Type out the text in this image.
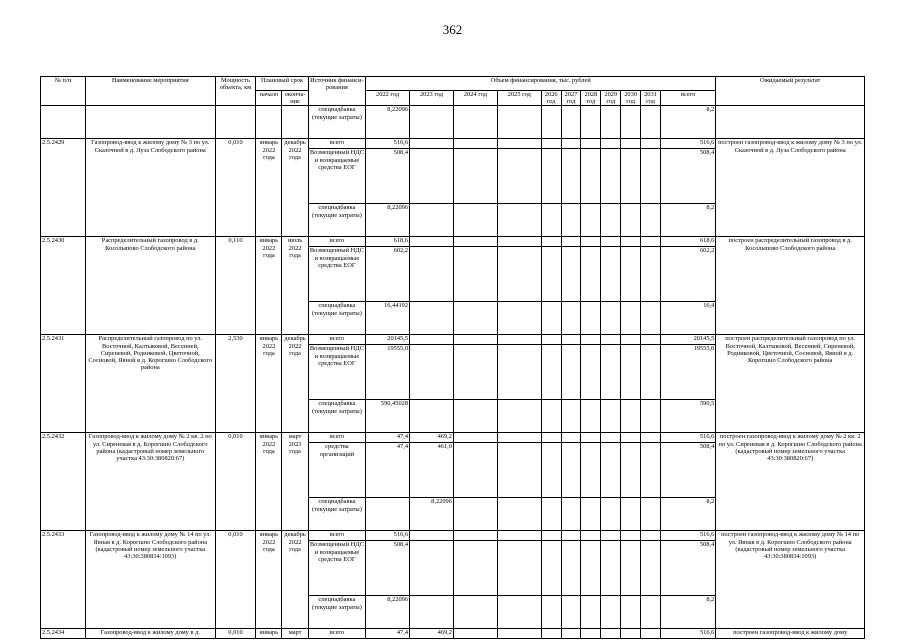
362
№ п/п	Наименование мероприятия	Мощность объекта, км	Плановый срок		Источник финанси-рования	Объем финансирования, тыс. рублей											Ожидаемый результат
			начало	оконча-ние		2022 год	2023 год	2024 год	2025 год	2026 год	2027 год	2028 год	2029 год	2030 год	2031 год	всего	

					спецнадбавка (текущие затраты)	8,22096										8,2	
2.5.2429	Газопровод-ввод к жилому дому № 3 по ул. Сказочной в д. Луза Слободского района	0,010	январь 2022 года	декабрь 2022 года	всего	516,6										516,6	построен газопровод-ввод к жилому дому № 3 по ул. Сказочной в д. Луза Слободского района
					Возмещенный НДС и возвращаемые средства ЕОГ	508,4										508,4	
					спецнадбавка (текущие затраты)	8,22096										8,2	
2.5.2430	Распределительный газопровод в д. Косолыпово Слободского района	0,110	январь 2022 года	июль 2022 года	всего	618,6										618,6	построен распределительный газопровод в д. Косолыпово Слободского района
					Возмещенный НДС и возвращаемые средства ЕОГ	602,2										602,2	
					спецнадбавка (текущие затраты)	16,44192										16,4	
2.5.2431	Распределительный газопровод по ул. Восточной, Калтыковой, Весенней, Сиреневой, Родниковой, Цветочной, Сосновой, Явной в д. Корогшно Слободского района	2,530	январь 2022 года	декабрь 2022 года	всего	20145,5										20145,5	построен распределительный газопровод по ул. Восточной, Калтыковой, Весенней, Сиреневой, Родниковой, Цветочной, Сосновой, Явной в д. Корогшно Слободского района
					Возмещенный НДС и возвращаемые средства ЕОГ	19555,0										19555,0	
					спецнадбавка (текущие затраты)	590,45028										590,5	
2.5.2432	Газопровод-ввод к жилому дому № 2 кв. 2 по ул. Сиреневая в д. Корогшно Слободского района (кадастровый номер земельного участка 43:30:380820:67)	0,010	январь 2022 года	март 2023 года	всего	47,4	469,2									516,6	построен газопровод-ввод к жилому дому № 2 кв. 2 по ул. Сиреневая в д. Корогшно Слободского района (кадастровый номер земельного участка 43:30:380820:67)
					средства организаций	47,4	461,0									508,4	
					спецнадбавка (текущие затраты)		8,22096									8,2	
2.5.2433	Газопровод-ввод к жилому дому № 14 по ул. Явная в д. Корогшно Слободского района (кадастровый номер земельного участка 43:30:380834:1093)	0,010	январь 2022 года	декабрь 2022 года	всего	516,6										516,6	построен газопровод-ввод к жилому дому № 14 по ул. Явная в д. Корогшно Слободского района (кадастровый номер земельного участка 43:30:380834:1093)
					Возмещенный НДС и возвращаемые средства ЕОГ	508,4										508,4	
					спецнадбавка (текущие затраты)	8,22096										8,2	
2.5.2434	Газопровод-ввод к жилому дому в д.	0,010	январь	март	всего	47,4	469,2									516,6	построен газопровод-ввод к жилому дому
